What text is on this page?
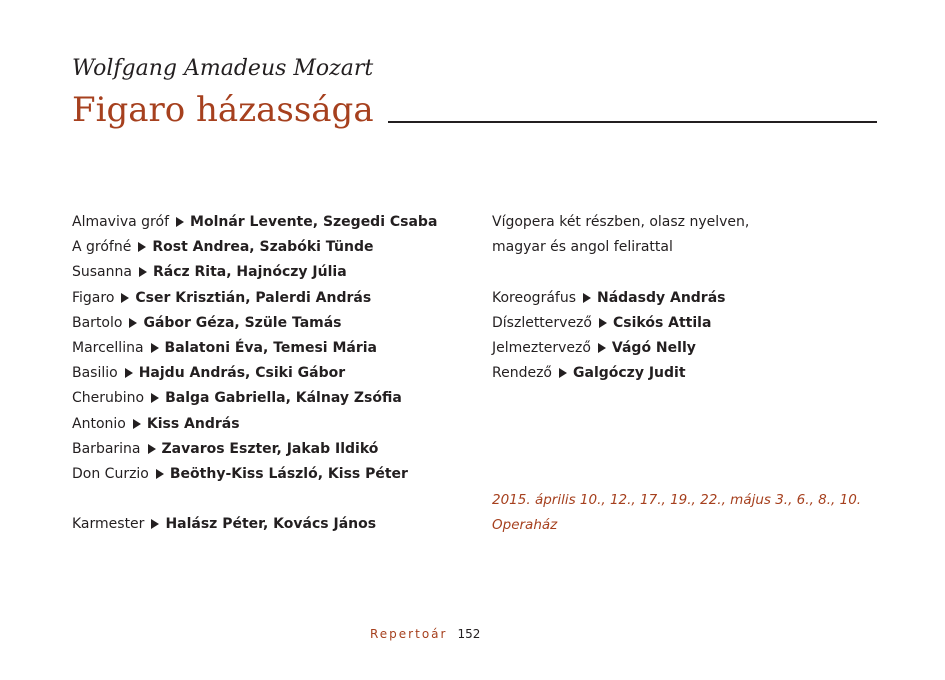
Wolfgang Amadeus Mozart
Figaro házassága
Almaviva gróf Molnár Levente, Szegedi Csaba
A grófné Rost Andrea, Szabóki Tünde
Susanna Rácz Rita, Hajnóczy Júlia
Figaro Cser Krisztián, Palerdi András
Bartolo Gábor Géza, Szüle Tamás
Marcellina Balatoni Éva, Temesi Mária
Basilio Hajdu András, Csiki Gábor
Cherubino Balga Gabriella, Kálnay Zsófia
Antonio Kiss András
Barbarina Zavaros Eszter, Jakab Ildikó
Don Curzio Beöthy-Kiss László, Kiss Péter
Karmester Halász Péter, Kovács János
Vígopera két részben, olasz nyelven,
magyar és angol felirattal
Koreográfus Nádasdy András
Díszlettervező Csikós Attila
Jelmeztervező Vágó Nelly
Rendező Galgóczy Judit
2015. április 10., 12., 17., 19., 22., május 3., 6., 8., 10.
Operaház
Repertoár 152
